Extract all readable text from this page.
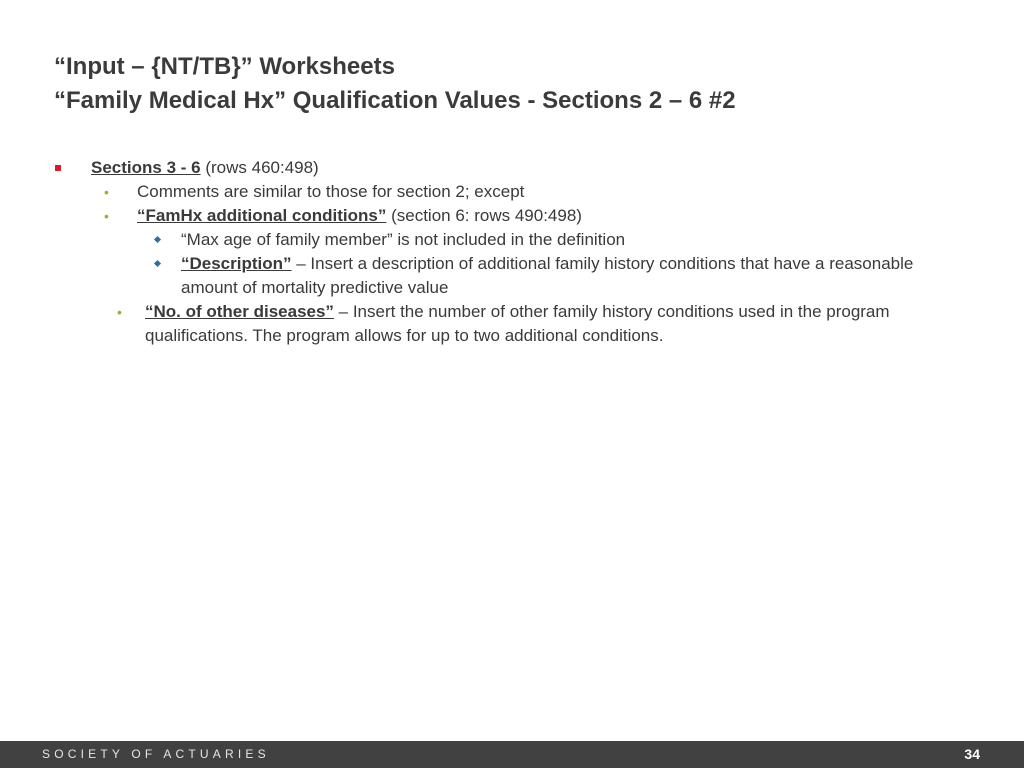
“Input – {NT/TB}” Worksheets
“Family Medical Hx” Qualification Values - Sections 2 – 6 #2
Sections 3 - 6 (rows 460:498)
• Comments are similar to those for section 2; except
• “FamHx additional conditions” (section 6: rows 490:498)
“Max age of family member” is not included in the definition
“Description” – Insert a description of additional family history conditions that have a reasonable amount of mortality predictive value
• “No. of other diseases” – Insert the number of other family history conditions used in the program qualifications. The program allows for up to two additional conditions.
SOCIETY OF ACTUARIES	34
